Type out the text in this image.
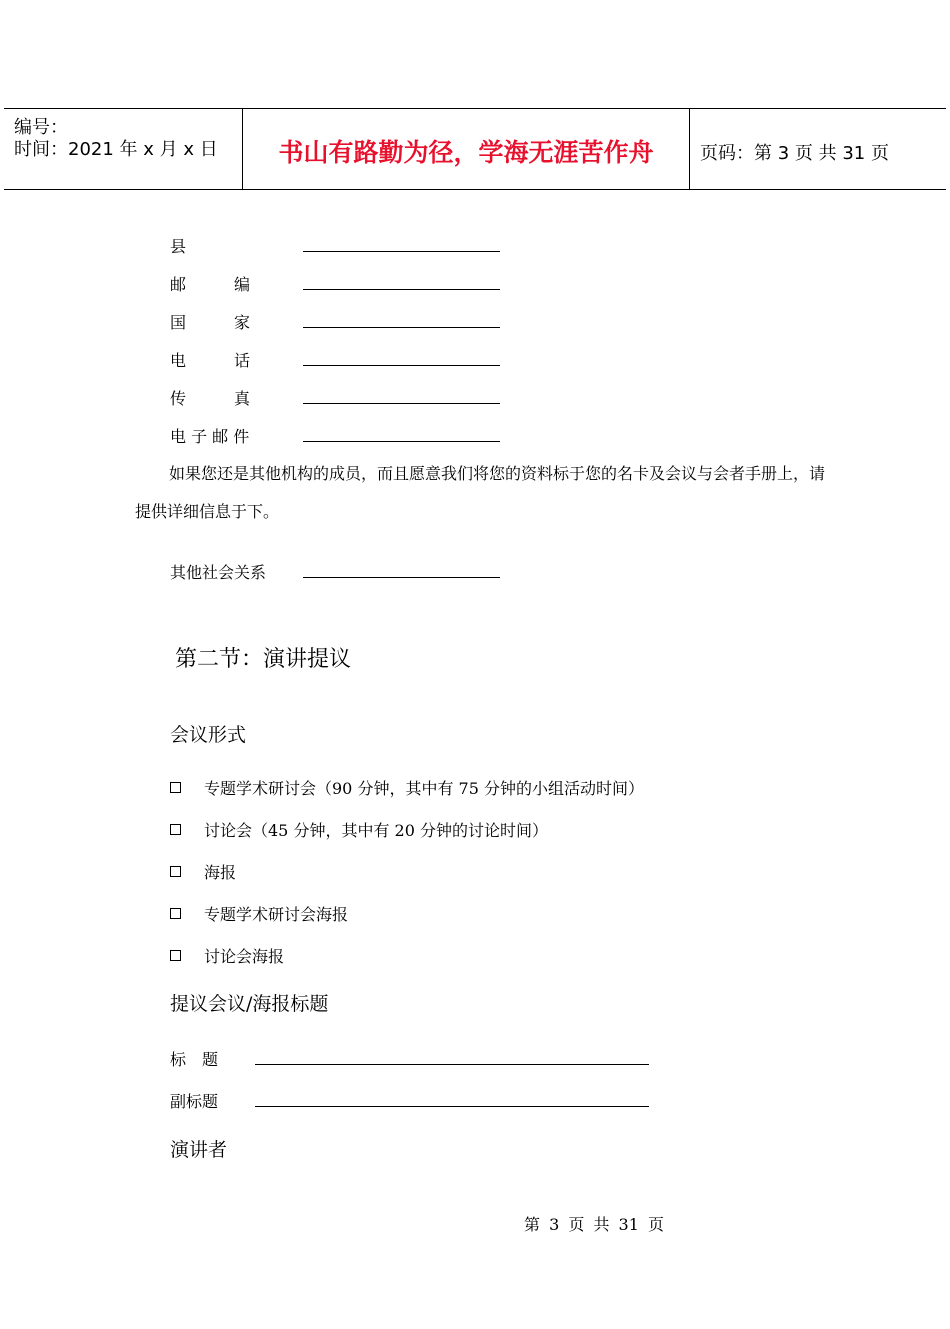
编号：
时间：2021 年 x 月 x 日	书山有路勤为径，学海无涯苦作舟	页码：第 3 页 共 31 页
县
邮　　　编
国　　　家
电　　　话
传　　　真
电 子 邮 件
如果您还是其他机构的成员，而且愿意我们将您的资料标于您的名卡及会议与会者手册上，请提供详细信息于下。
其他社会关系
第二节：演讲提议
会议形式
专题学术研讨会（90 分钟，其中有 75 分钟的小组活动时间）
讨论会（45 分钟，其中有 20 分钟的讨论时间）
海报
专题学术研讨会海报
讨论会海报
提议会议/海报标题
标　题
副标题
演讲者
第 3 页 共 31 页
